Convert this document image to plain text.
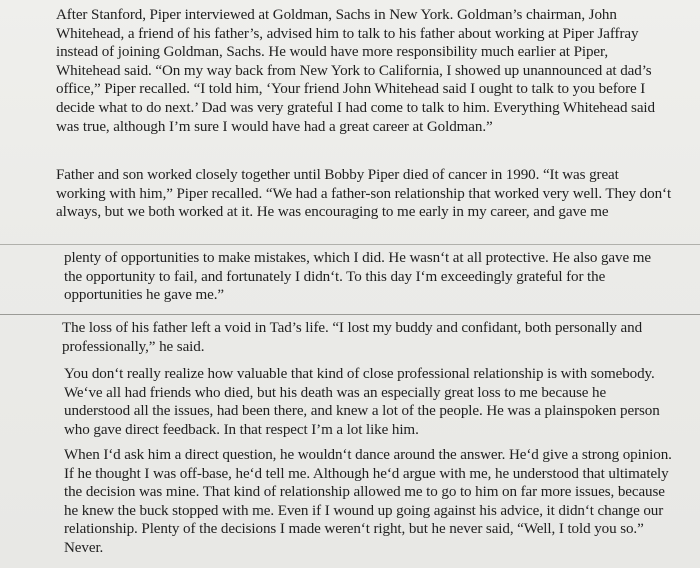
After Stanford, Piper interviewed at Goldman, Sachs in New York. Goldman’s chairman, John Whitehead, a friend of his father’s, advised him to talk to his father about working at Piper Jaffray instead of joining Goldman, Sachs. He would have more responsibility much earlier at Piper, Whitehead said. “On my way back from New York to California, I showed up unannounced at dad’s office,” Piper recalled. “I told him, ‘Your friend John Whitehead said I ought to talk to you before I decide what to do next.’ Dad was very grateful I had come to talk to him. Everything Whitehead said was true, although I’m sure I would have had a great career at Goldman.”

Father and son worked closely together until Bobby Piper died of cancer in 1990. “It was great working with him,” Piper recalled. “We had a father-son relationship that worked very well. They don‘t always, but we both worked at it. He was encouraging to me early in my career, and gave me

plenty of opportunities to make mistakes, which I did. He wasn‘t at all protective. He also gave me the opportunity to fail, and fortunately I didn‘t. To this day I‘m exceedingly grateful for the opportunities he gave me.”

The loss of his father left a void in Tad’s life. “I lost my buddy and confidant, both personally and professionally,” he said.

You don‘t really realize how valuable that kind of close professional relationship is with somebody. We‘ve all had friends who died, but his death was an especially great loss to me because he understood all the issues, had been there, and knew a lot of the people. He was a plainspoken person who gave direct feedback. In that respect I’m a lot like him.

When I‘d ask him a direct question, he wouldn‘t dance around the answer. He‘d give a strong opinion. If he thought I was off-base, he‘d tell me. Although he‘d argue with me, he understood that ultimately the decision was mine. That kind of relationship allowed me to go to him on far more issues, because he knew the buck stopped with me. Even if I wound up going against his advice, it didn‘t change our relationship. Plenty of the decisions I made weren‘t right, but he never said, “Well, I told you so.” Never.
